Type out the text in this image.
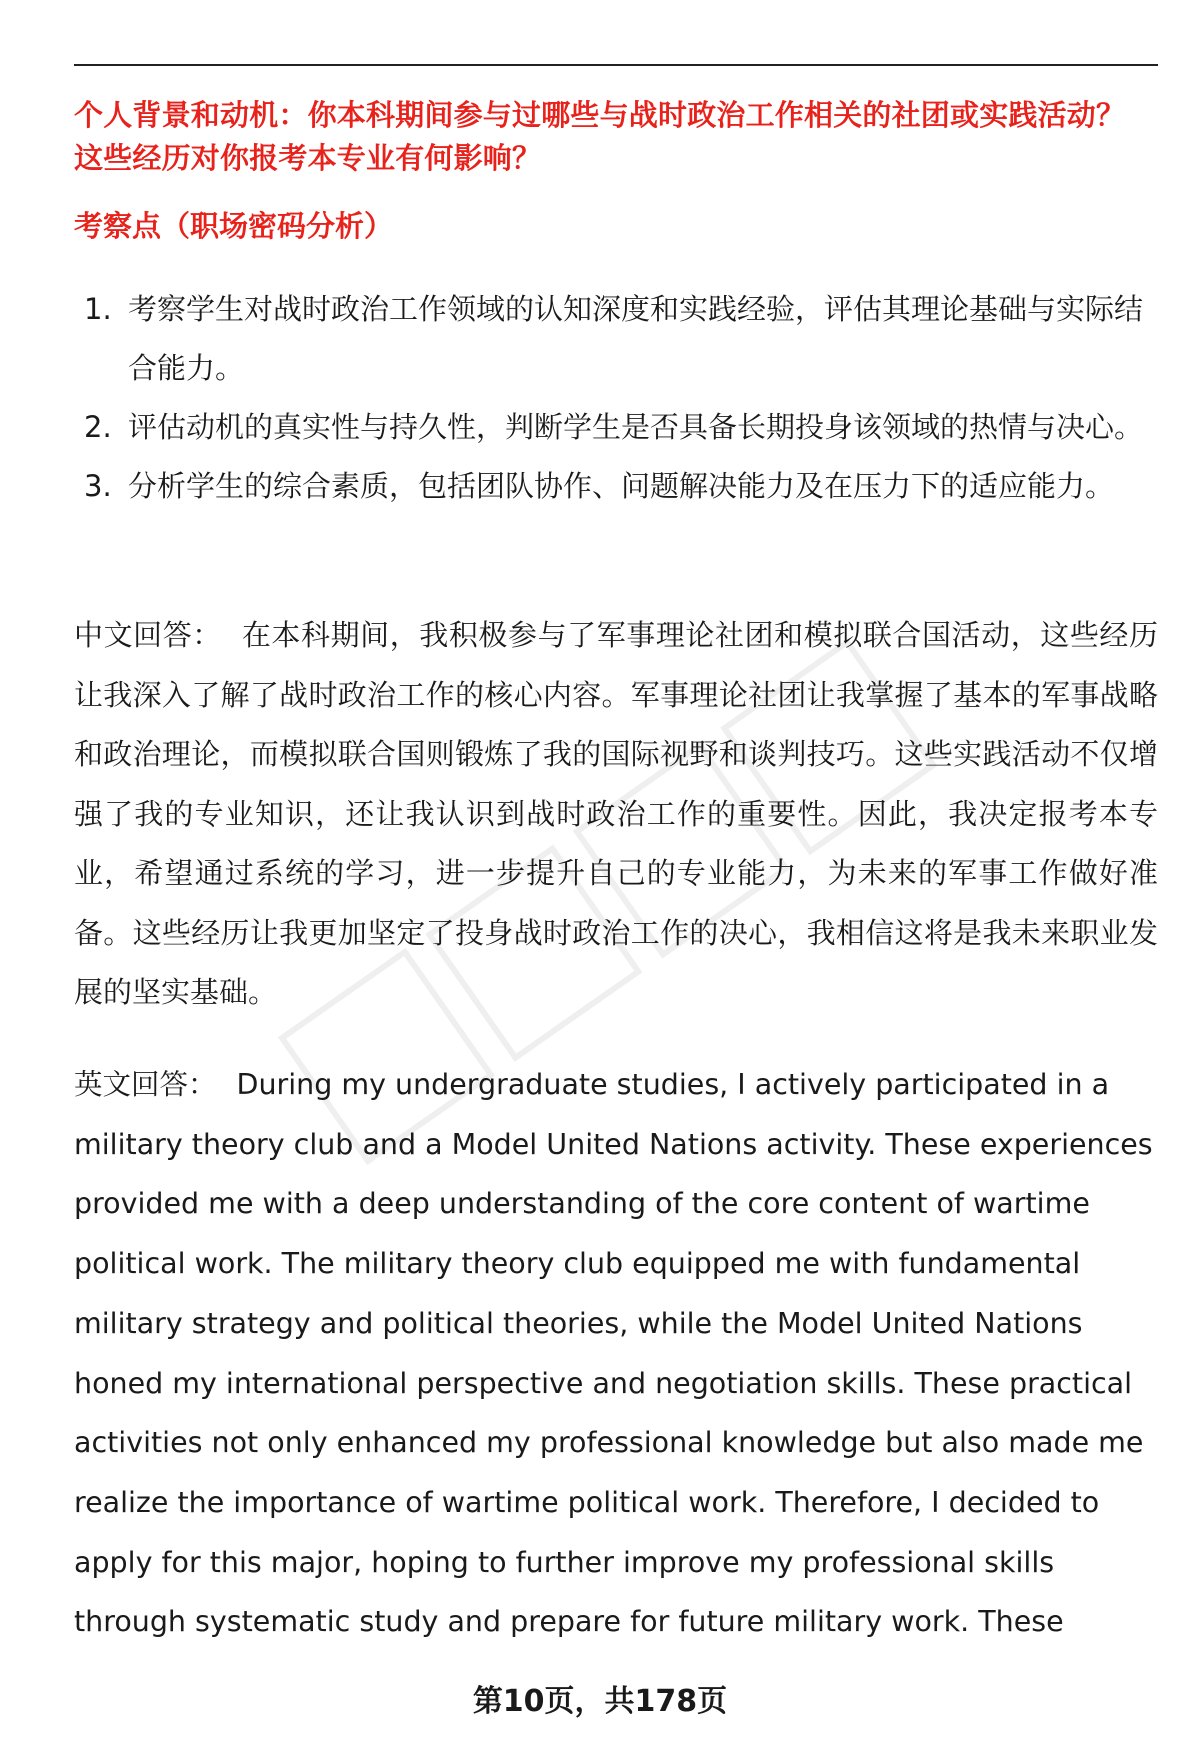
个人背景和动机：你本科期间参与过哪些与战时政治工作相关的社团或实践活动？这些经历对你报考本专业有何影响？
考察点（职场密码分析）
1. 考察学生对战时政治工作领域的认知深度和实践经验，评估其理论基础与实际结合能力。
2. 评估动机的真实性与持久性，判断学生是否具备长期投身该领域的热情与决心。
3. 分析学生的综合素质，包括团队协作、问题解决能力及在压力下的适应能力。
中文回答： 在本科期间，我积极参与了军事理论社团和模拟联合国活动，这些经历让我深入了解了战时政治工作的核心内容。军事理论社团让我掌握了基本的军事战略和政治理论，而模拟联合国则锻炼了我的国际视野和谈判技巧。这些实践活动不仅增强了我的专业知识，还让我认识到战时政治工作的重要性。因此，我决定报考本专业，希望通过系统的学习，进一步提升自己的专业能力，为未来的军事工作做好准备。这些经历让我更加坚定了投身战时政治工作的决心，我相信这将是我未来职业发展的坚实基础。
英文回答： During my undergraduate studies, I actively participated in a military theory club and a Model United Nations activity. These experiences provided me with a deep understanding of the core content of wartime political work. The military theory club equipped me with fundamental military strategy and political theories, while the Model United Nations honed my international perspective and negotiation skills. These practical activities not only enhanced my professional knowledge but also made me realize the importance of wartime political work. Therefore, I decided to apply for this major, hoping to further improve my professional skills through systematic study and prepare for future military work. These
第10页，共178页
